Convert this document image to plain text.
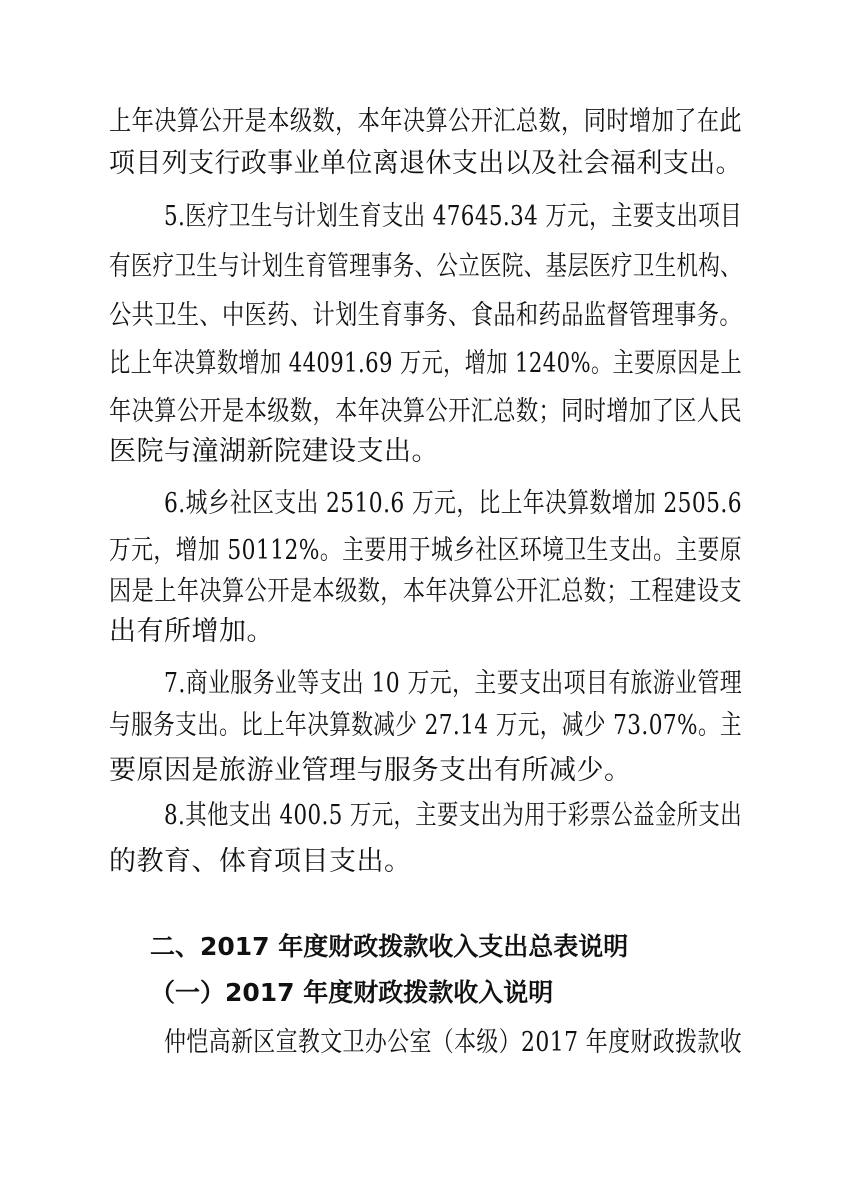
上年决算公开是本级数，本年决算公开汇总数，同时增加了在此
项目列支行政事业单位离退休支出以及社会福利支出。
5.医疗卫生与计划生育支出 47645.34 万元，主要支出项目
有医疗卫生与计划生育管理事务、公立医院、基层医疗卫生机构、
公共卫生、中医药、计划生育事务、食品和药品监督管理事务。
比上年决算数增加 44091.69 万元，增加 1240%。主要原因是上
年决算公开是本级数，本年决算公开汇总数；同时增加了区人民
医院与潼湖新院建设支出。
6.城乡社区支出 2510.6 万元，比上年决算数增加 2505.6
万元，增加 50112%。主要用于城乡社区环境卫生支出。主要原
因是上年决算公开是本级数，本年决算公开汇总数；工程建设支
出有所增加。
7.商业服务业等支出 10 万元，主要支出项目有旅游业管理
与服务支出。比上年决算数减少 27.14 万元，减少 73.07%。主
要原因是旅游业管理与服务支出有所减少。
8.其他支出 400.5 万元，主要支出为用于彩票公益金所支出
的教育、体育项目支出。
二、2017 年度财政拨款收入支出总表说明
（一）2017 年度财政拨款收入说明
仲恺高新区宣教文卫办公室（本级）2017 年度财政拨款收
